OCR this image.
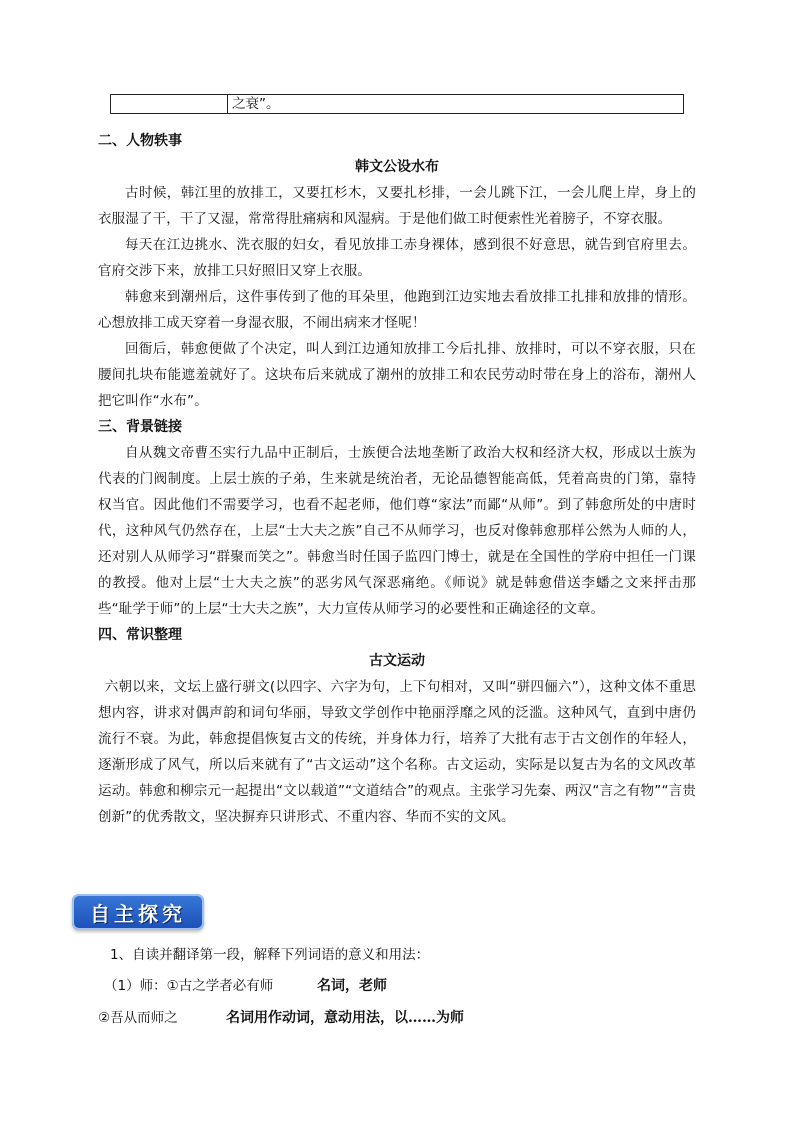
	之衰”。

二、人物轶事

韩文公设水布

古时候，韩江里的放排工，又要扛杉木，又要扎杉排，一会儿跳下江，一会儿爬上岸，身上的衣服湿了干，干了又湿，常常得肚痛病和风湿病。于是他们做工时便索性光着膀子，不穿衣服。

每天在江边挑水、洗衣服的妇女，看见放排工赤身裸体，感到很不好意思，就告到官府里去。官府交涉下来，放排工只好照旧又穿上衣服。

韩愈来到潮州后，这件事传到了他的耳朵里，他跑到江边实地去看放排工扎排和放排的情形。心想放排工成天穿着一身湿衣服，不闹出病来才怪呢！

回衙后，韩愈便做了个决定，叫人到江边通知放排工今后扎排、放排时，可以不穿衣服，只在腰间扎块布能遮羞就好了。这块布后来就成了潮州的放排工和农民劳动时带在身上的浴布，潮州人把它叫作“水布”。

三、背景链接

自从魏文帝曹丕实行九品中正制后，士族便合法地垄断了政治大权和经济大权，形成以士族为代表的门阀制度。上层士族的子弟，生来就是统治者，无论品德智能高低，凭着高贵的门第，靠特权当官。因此他们不需要学习，也看不起老师，他们尊“家法”而鄙“从师”。到了韩愈所处的中唐时代，这种风气仍然存在，上层“士大夫之族”自己不从师学习，也反对像韩愈那样公然为人师的人，还对别人从师学习“群聚而笑之”。韩愈当时任国子监四门博士，就是在全国性的学府中担任一门课的教授。他对上层“士大夫之族”的恶劣风气深恶痛绝。《师说》就是韩愈借送李蟠之文来抨击那些“耻学于师”的上层“士大夫之族”，大力宣传从师学习的必要性和正确途径的文章。

四、常识整理

古文运动

六朝以来，文坛上盛行骈文(以四字、六字为句，上下句相对，又叫“骈四俪六”），这种文体不重思想内容，讲求对偶声韵和词句华丽，导致文学创作中艳丽浮靡之风的泛滥。这种风气，直到中唐仍流行不衰。为此，韩愈提倡恢复古文的传统，并身体力行，培养了大批有志于古文创作的年轻人，逐渐形成了风气，所以后来就有了“古文运动”这个名称。古文运动，实际是以复古为名的文风改革运动。韩愈和柳宗元一起提出“文以载道”“文道结合”的观点。主张学习先秦、两汉“言之有物”“言贵创新”的优秀散文，坚决摒弃只讲形式、不重内容、华而不实的文风。

自主探究
1、自读并翻译第一段，解释下列词语的意义和用法：
（1）师：①古之学者必有师	名词，老师
②吾从而师之	名词用作动词，意动用法，以……为师
